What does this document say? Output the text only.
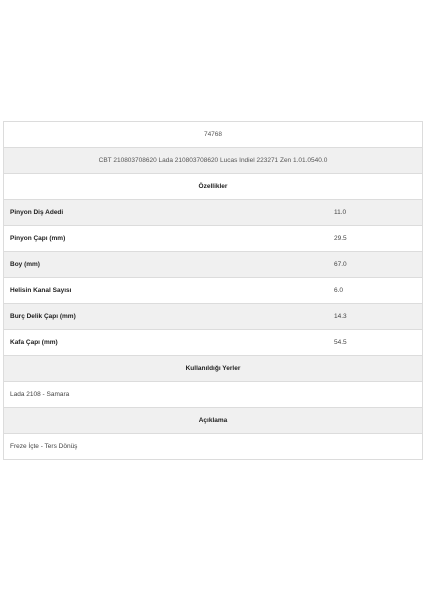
74768
CBT 210803708620 Lada 210803708620 Lucas Indiel 223271 Zen 1.01.0540.0
Özellikler
Pinyon Diş Adedi	11.0
Pinyon Çapı (mm)	29.5
Boy (mm)	67.0
Helisin Kanal Sayısı	6.0
Burç Delik Çapı (mm)	14.3
Kafa Çapı (mm)	54.5
Kullanıldığı Yerler
Lada 2108 - Samara
Açıklama
Freze İçte - Ters Dönüş
